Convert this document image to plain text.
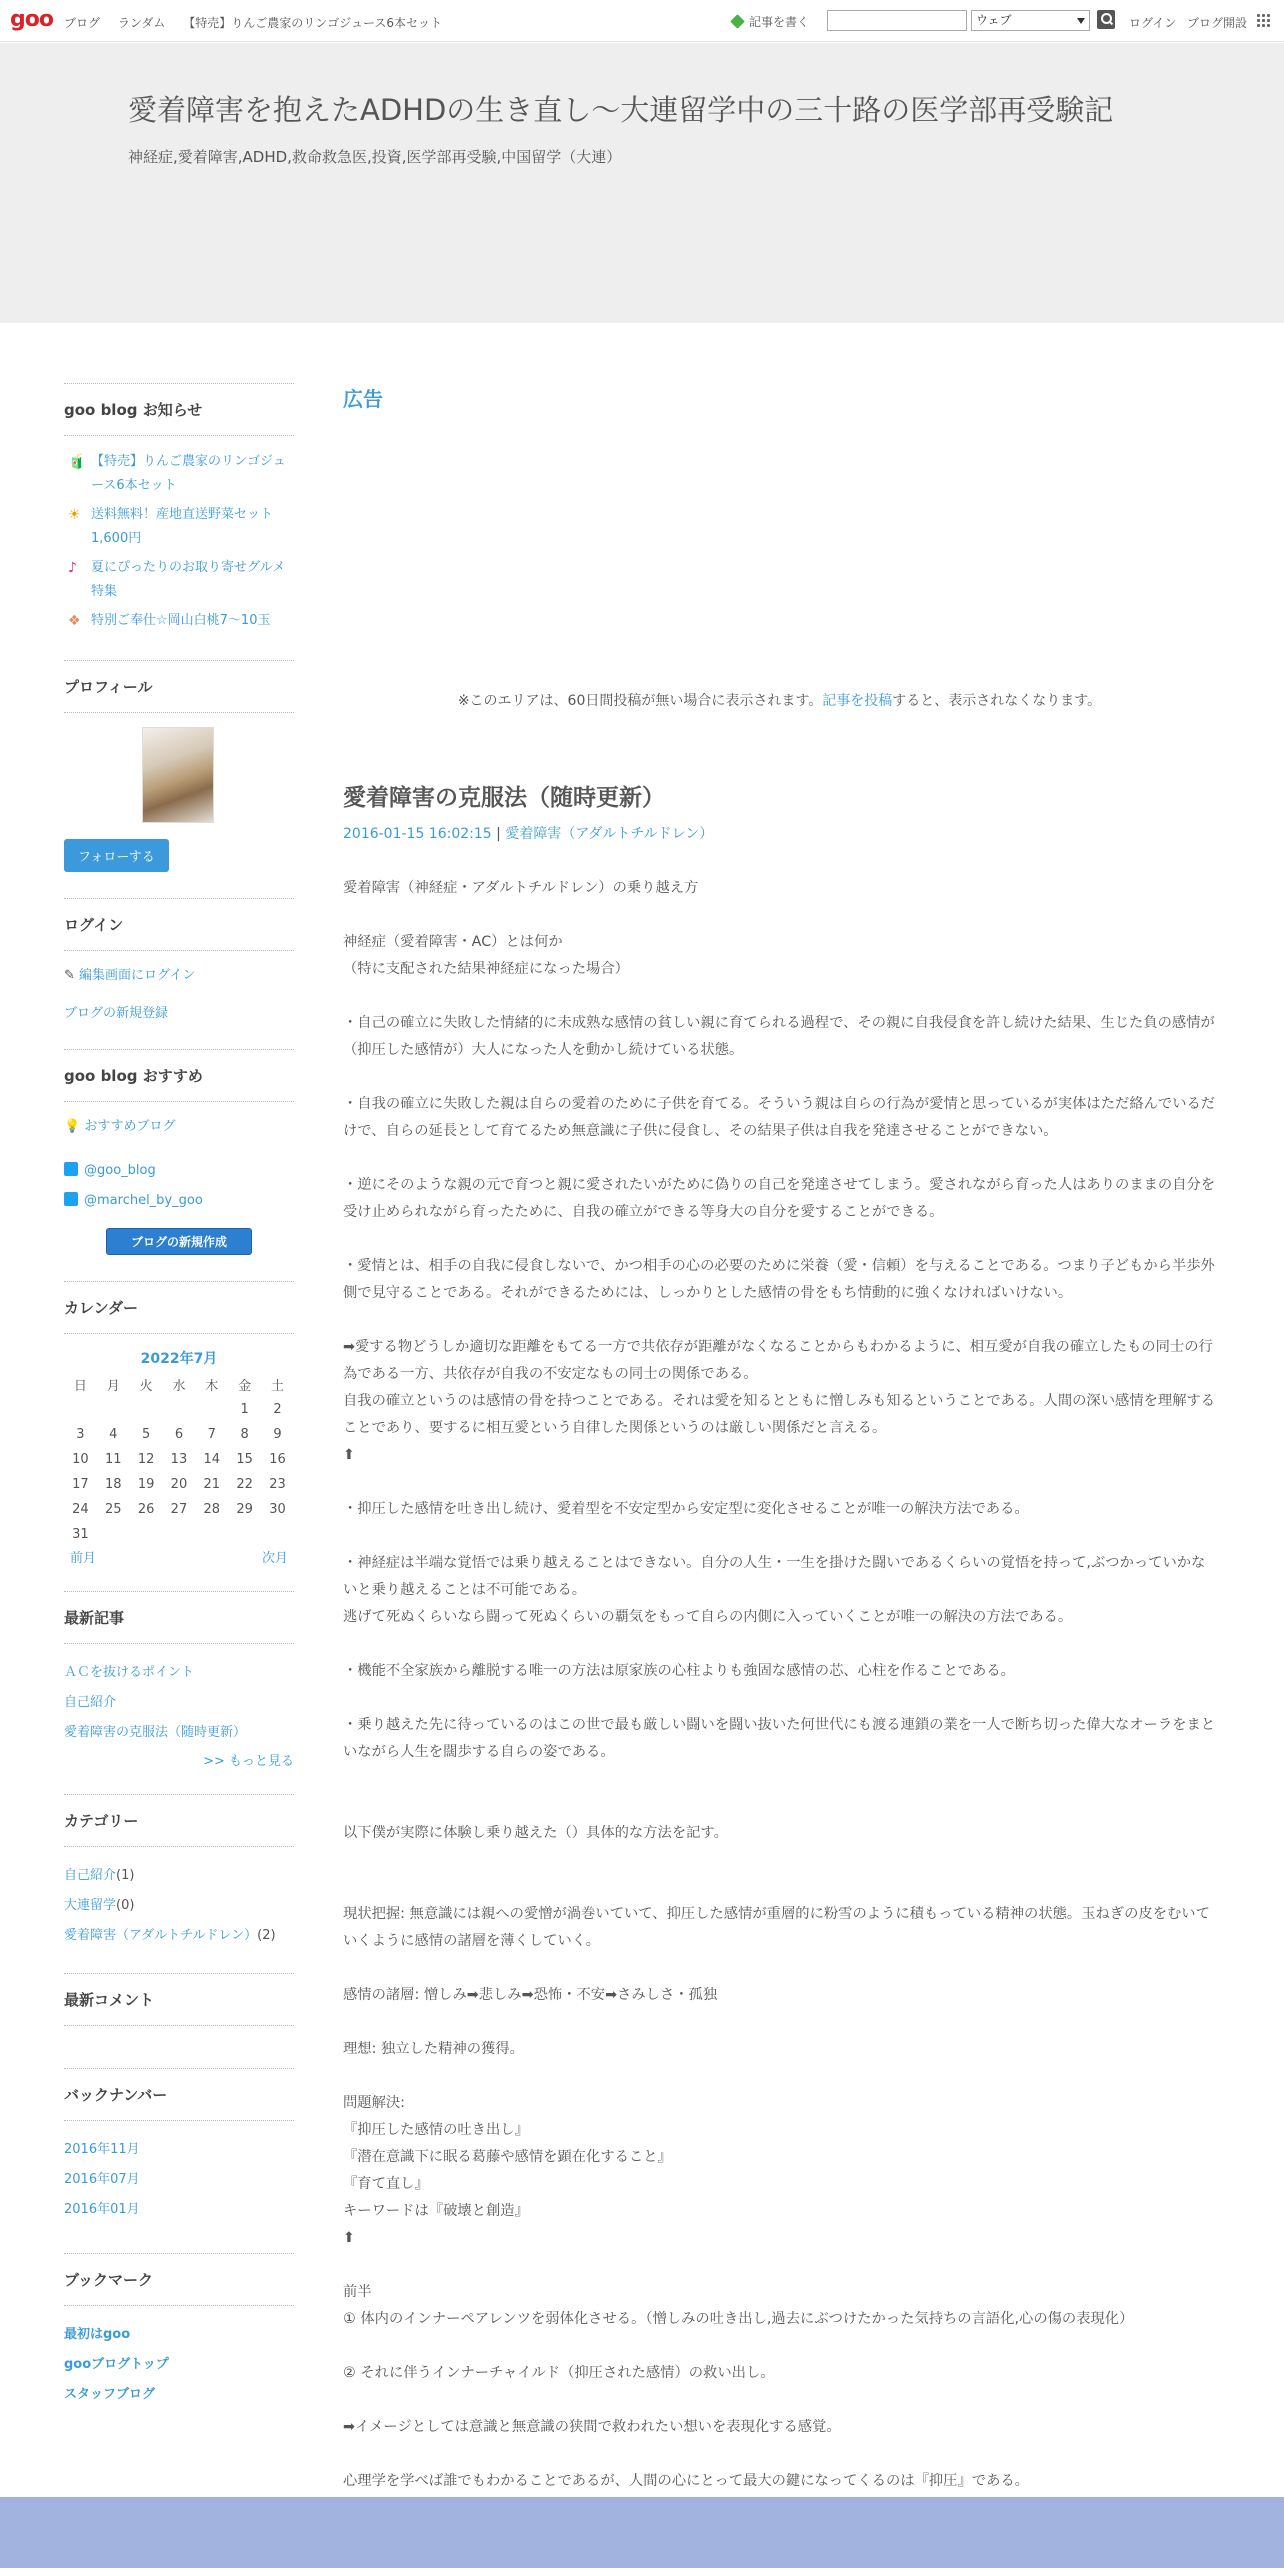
goo ブログ ランダム 【特売】りんご農家のリンゴジュース6本セット	記事を書く	ウェブ	ログイン ブログ開設
愛着障害を抱えたADHDの生き直し～大連留学中の三十路の医学部再受験記
神経症,愛着障害,ADHD,救命救急医,投資,医学部再受験,中国留学（大連）
goo blog お知らせ
🧃 【特売】りんご農家のリンゴジュース6本セット
☀ 送料無料！産地直送野菜セット1,600円
♪ 夏にぴったりのお取り寄せグルメ特集
❖ 特別ご奉仕☆岡山白桃7〜10玉
プロフィール
フォローする
ログイン
✎ 編集画面にログイン
ブログの新規登録
goo blog おすすめ
💡 おすすめブログ
@goo_blog
@marchel_by_goo
ブログの新規作成
カレンダー
2022年7月
日	月	火	水	木	金	土
					1	2
3	4	5	6	7	8	9
10	11	12	13	14	15	16
17	18	19	20	21	22	23
24	25	26	27	28	29	30
31						
前月	次月
最新記事
ＡＣを抜けるポイント
自己紹介
愛着障害の克服法（随時更新）
>> もっと見る
カテゴリー
自己紹介(1)
大連留学(0)
愛着障害（アダルトチルドレン）(2)
最新コメント
バックナンバー
2016年11月
2016年07月
2016年01月
ブックマーク
最初はgoo
gooブログトップ
スタッフブログ
広告
※このエリアは、60日間投稿が無い場合に表示されます。記事を投稿すると、表示されなくなります。
愛着障害の克服法（随時更新）
2016-01-15 16:02:15 | 愛着障害（アダルトチルドレン）

愛着障害（神経症・アダルトチルドレン）の乗り越え方

神経症（愛着障害・AC）とは何か
（特に支配された結果神経症になった場合）

・自己の確立に失敗した情緒的に未成熟な感情の貧しい親に育てられる過程で、その親に自我侵食を許し続けた結果、生じた負の感情が（抑圧した感情が）大人になった人を動かし続けている状態。

・自我の確立に失敗した親は自らの愛着のために子供を育てる。そういう親は自らの行為が愛情と思っているが実体はただ絡んでいるだけで、自らの延長として育てるため無意識に子供に侵食し、その結果子供は自我を発達させることができない。

・逆にそのような親の元で育つと親に愛されたいがために偽りの自己を発達させてしまう。愛されながら育った人はありのままの自分を受け止められながら育ったために、自我の確立ができる等身大の自分を愛することができる。

・愛情とは、相手の自我に侵食しないで、かつ相手の心の必要のために栄養（愛・信頼）を与えることである。つまり子どもから半歩外側で見守ることである。それができるためには、しっかりとした感情の骨をもち情動的に強くなければいけない。

➡愛する物どうしか適切な距離をもてる一方で共依存が距離がなくなることからもわかるように、相互愛が自我の確立したもの同士の行為である一方、共依存が自我の不安定なもの同士の関係である。
自我の確立というのは感情の骨を持つことである。それは愛を知るとともに憎しみも知るということである。人間の深い感情を理解することであり、要するに相互愛という自律した関係というのは厳しい関係だと言える。
⬆

・抑圧した感情を吐き出し続け、愛着型を不安定型から安定型に変化させることが唯一の解決方法である。

・神経症は半端な覚悟では乗り越えることはできない。自分の人生・一生を掛けた闘いであるくらいの覚悟を持って,ぶつかっていかないと乗り越えることは不可能である。
逃げて死ぬくらいなら闘って死ぬくらいの覇気をもって自らの内側に入っていくことが唯一の解決の方法である。

・機能不全家族から離脱する唯一の方法は原家族の心柱よりも強固な感情の芯、心柱を作ることである。

・乗り越えた先に待っているのはこの世で最も厳しい闘いを闘い抜いた何世代にも渡る連鎖の業を一人で断ち切った偉大なオーラをまといながら人生を闊歩する自らの姿である。

以下僕が実際に体験し乗り越えた（）具体的な方法を記す。

現状把握: 無意識には親への愛憎が渦巻いていて、抑圧した感情が重層的に粉雪のように積もっている精神の状態。玉ねぎの皮をむいていくように感情の諸層を薄くしていく。

感情の諸層: 憎しみ➡悲しみ➡恐怖・不安➡さみしさ・孤独

理想: 独立した精神の獲得。

問題解決:
『抑圧した感情の吐き出し』
『潜在意識下に眠る葛藤や感情を顕在化すること』
『育て直し』
キーワードは『破壊と創造』
⬆

前半
① 体内のインナーペアレンツを弱体化させる。（憎しみの吐き出し,過去にぶつけたかった気持ちの言語化,心の傷の表現化）

② それに伴うインナーチャイルド（抑圧された感情）の救い出し。

➡イメージとしては意識と無意識の狭間で救われたい想いを表現化する感覚。

心理学を学べば誰でもわかることであるが、人間の心にとって最大の鍵になってくるのは『抑圧』である。
